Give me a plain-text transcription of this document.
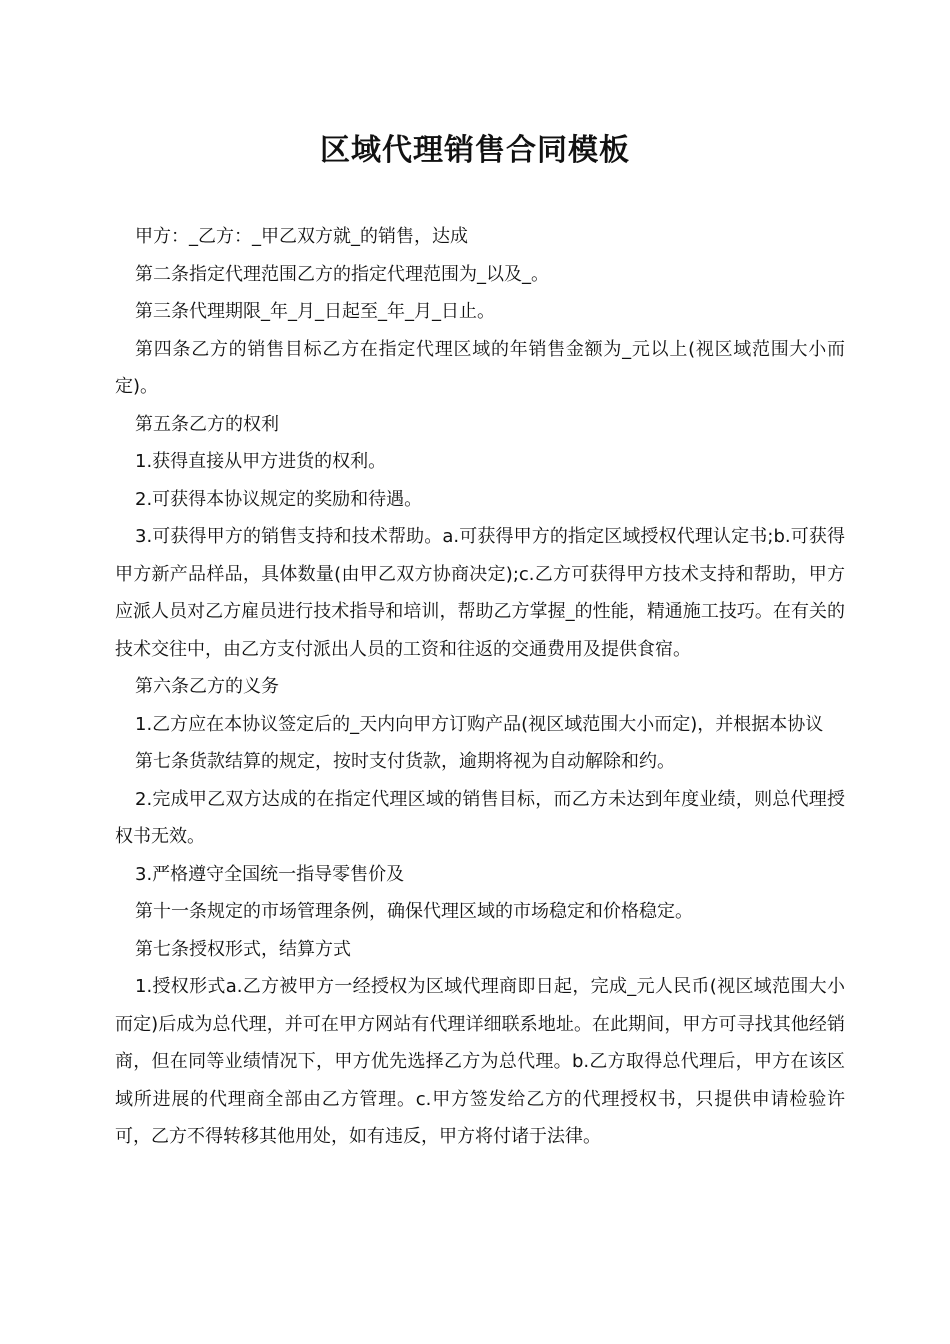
区域代理销售合同模板

甲方：_乙方：_甲乙双方就_的销售，达成

第二条指定代理范围乙方的指定代理范围为_以及_。

第三条代理期限_年_月_日起至_年_月_日止。

第四条乙方的销售目标乙方在指定代理区域的年销售金额为_元以上(视区域范围大小而定)。

第五条乙方的权利

1.获得直接从甲方进货的权利。

2.可获得本协议规定的奖励和待遇。

3.可获得甲方的销售支持和技术帮助。a.可获得甲方的指定区域授权代理认定书;b.可获得甲方新产品样品，具体数量(由甲乙双方协商决定);c.乙方可获得甲方技术支持和帮助，甲方应派人员对乙方雇员进行技术指导和培训，帮助乙方掌握_的性能，精通施工技巧。在有关的技术交往中，由乙方支付派出人员的工资和往返的交通费用及提供食宿。

第六条乙方的义务

1.乙方应在本协议签定后的_天内向甲方订购产品(视区域范围大小而定)，并根据本协议

第七条货款结算的规定，按时支付货款，逾期将视为自动解除和约。

2.完成甲乙双方达成的在指定代理区域的销售目标，而乙方未达到年度业绩，则总代理授权书无效。

3.严格遵守全国统一指导零售价及

第十一条规定的市场管理条例，确保代理区域的市场稳定和价格稳定。

第七条授权形式，结算方式

1.授权形式a.乙方被甲方一经授权为区域代理商即日起，完成_元人民币(视区域范围大小而定)后成为总代理，并可在甲方网站有代理详细联系地址。在此期间，甲方可寻找其他经销商，但在同等业绩情况下，甲方优先选择乙方为总代理。b.乙方取得总代理后，甲方在该区域所进展的代理商全部由乙方管理。c.甲方签发给乙方的代理授权书，只提供申请检验许可，乙方不得转移其他用处，如有违反，甲方将付诸于法律。
